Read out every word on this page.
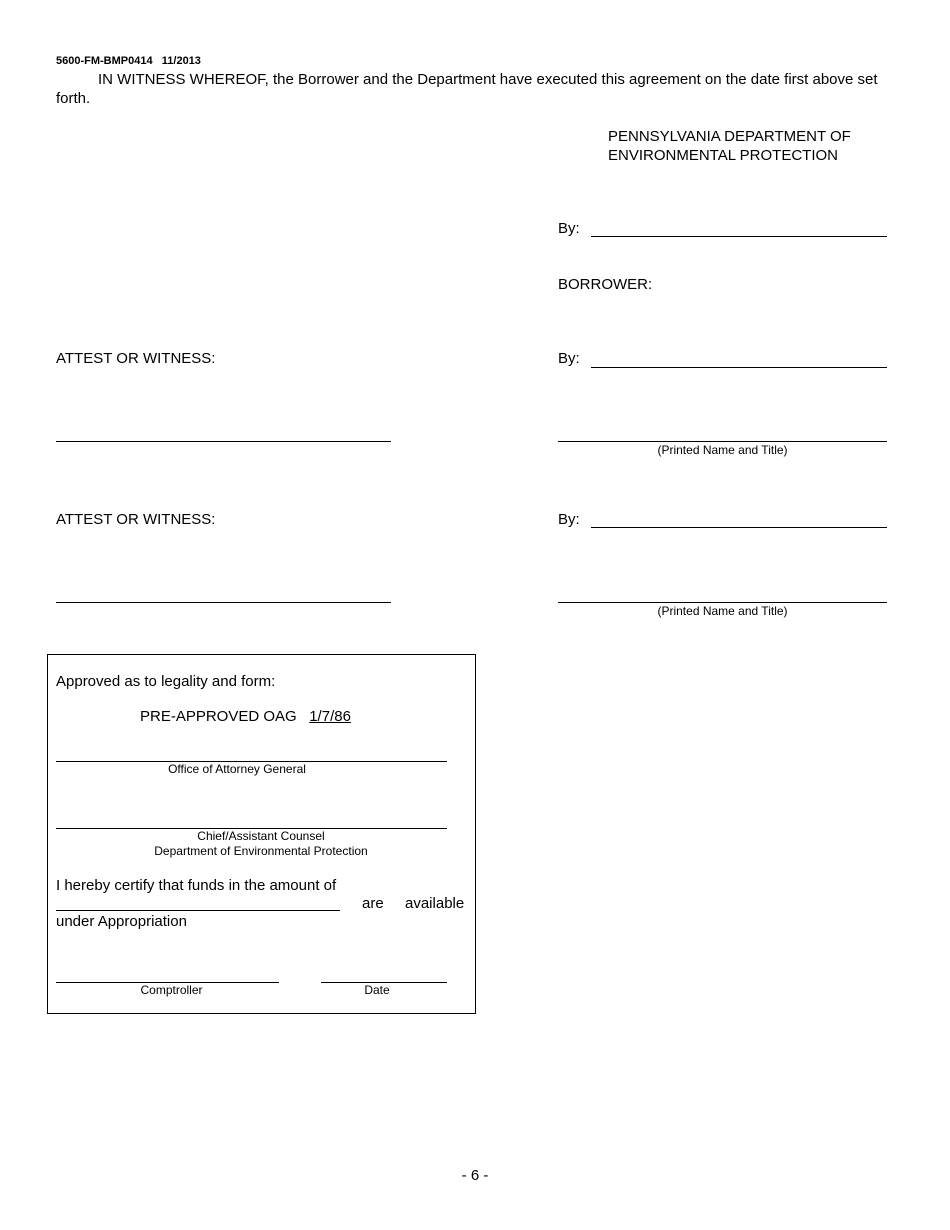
5600-FM-BMP0414   11/2013
IN WITNESS WHEREOF, the Borrower and the Department have executed this agreement on the date first above set forth.
PENNSYLVANIA DEPARTMENT OF
ENVIRONMENTAL PROTECTION
By:
BORROWER:
ATTEST OR WITNESS:	By:
(Printed Name and Title)
ATTEST OR WITNESS:	By:
(Printed Name and Title)
Approved as to legality and form:
PRE-APPROVED OAG 1/7/86
Office of Attorney General
Chief/Assistant Counsel
Department of Environmental Protection
I hereby certify that funds in the amount of
are available
under Appropriation
Comptroller	Date
- 6 -
